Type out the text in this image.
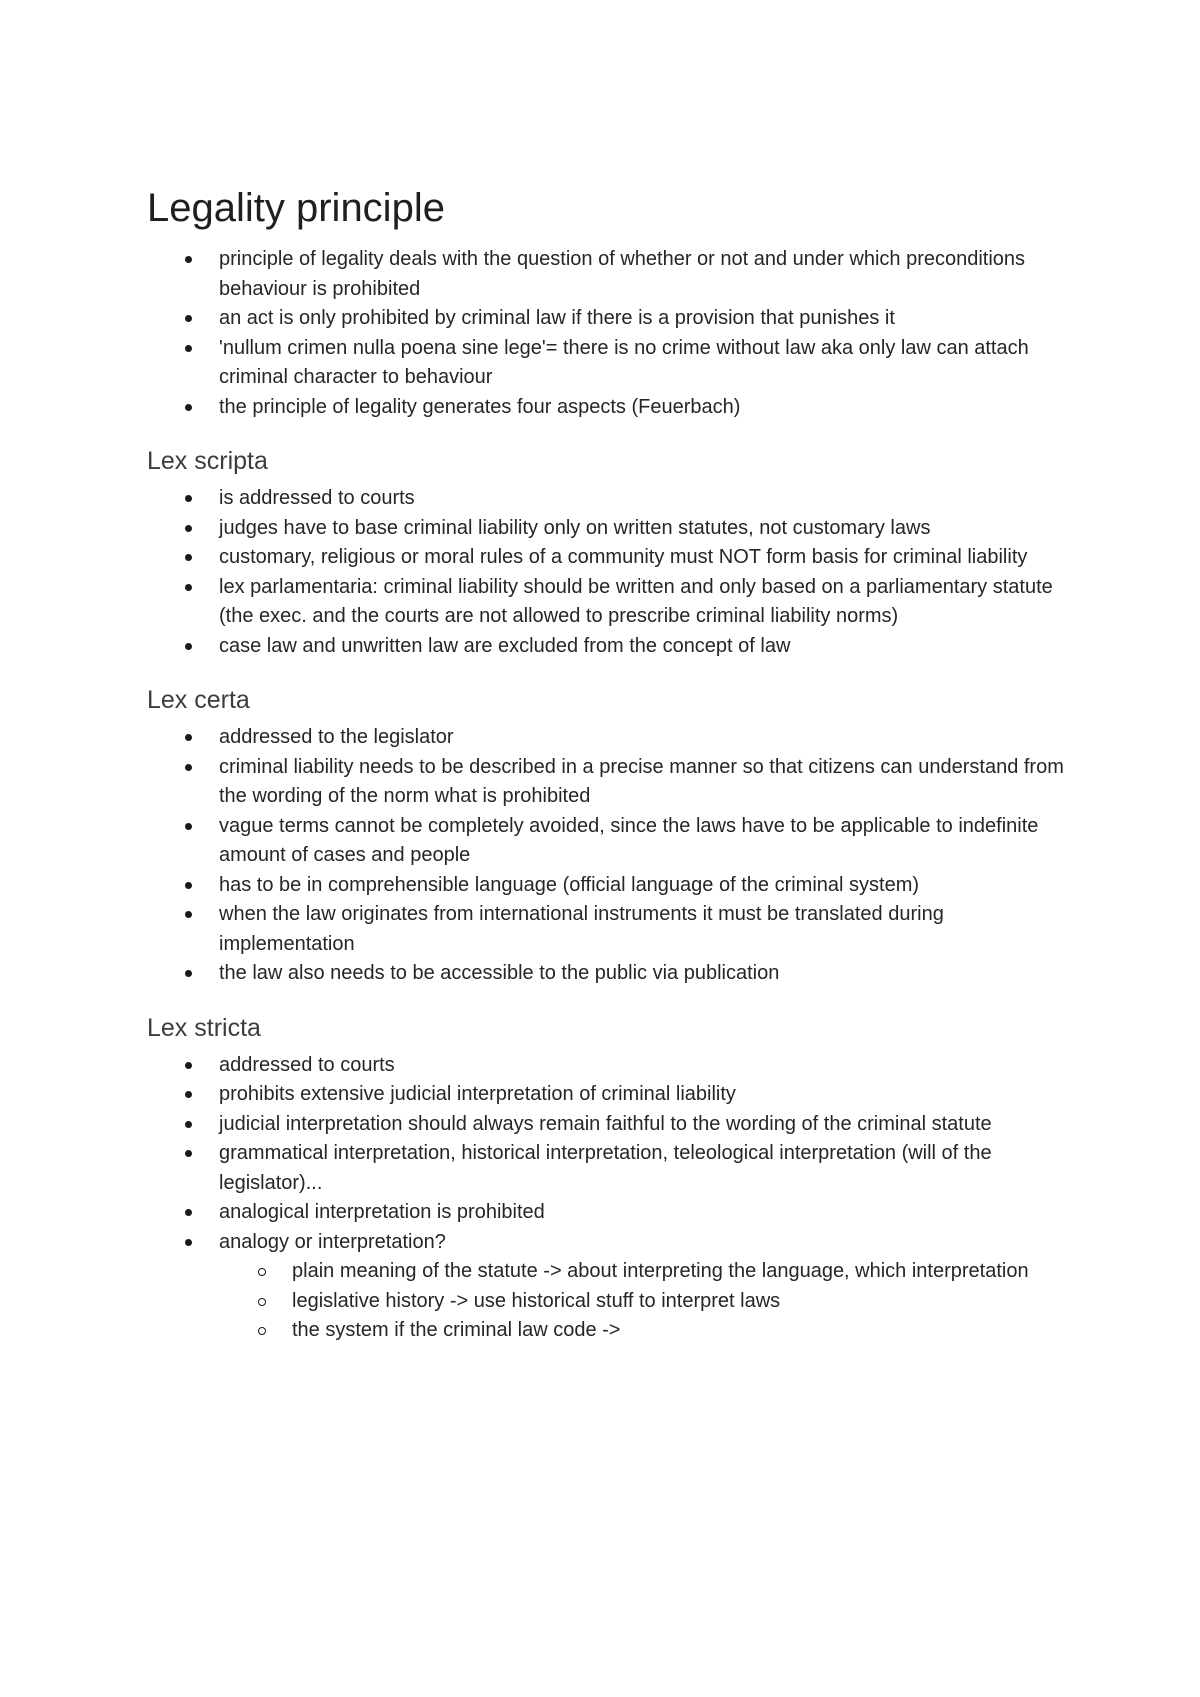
Legality principle
principle of legality deals with the question of whether or not and under which preconditions behaviour is prohibited
an act is only prohibited by criminal law if there is a provision that punishes it
'nullum crimen nulla poena sine lege'= there is no crime without law aka only law can attach criminal character to behaviour
the principle of legality generates four aspects (Feuerbach)
Lex scripta
is addressed to courts
judges have to base criminal liability only on written statutes, not customary laws
customary, religious or moral rules of a community must NOT form basis for criminal liability
lex parlamentaria: criminal liability should be written and only based on a parliamentary statute (the exec. and the courts are not allowed to prescribe criminal liability norms)
case law and unwritten law are excluded from the concept of law
Lex certa
addressed to the legislator
criminal liability needs to be described in a precise manner so that citizens can understand from the wording of the norm what is prohibited
vague terms cannot be completely avoided, since the laws have to be applicable to indefinite amount of cases and people
has to be in comprehensible language (official language of the criminal system)
when the law originates from international instruments it must be translated during implementation
the law also needs to be accessible to the public via publication
Lex stricta
addressed to courts
prohibits extensive judicial interpretation of criminal liability
judicial interpretation should always remain faithful to the wording of the criminal statute
grammatical interpretation, historical interpretation, teleological interpretation (will of the legislator)...
analogical interpretation is prohibited
analogy or interpretation?
plain meaning of the statute -> about interpreting the language, which interpretation
legislative history -> use historical stuff to interpret laws
the system if the criminal law code ->
